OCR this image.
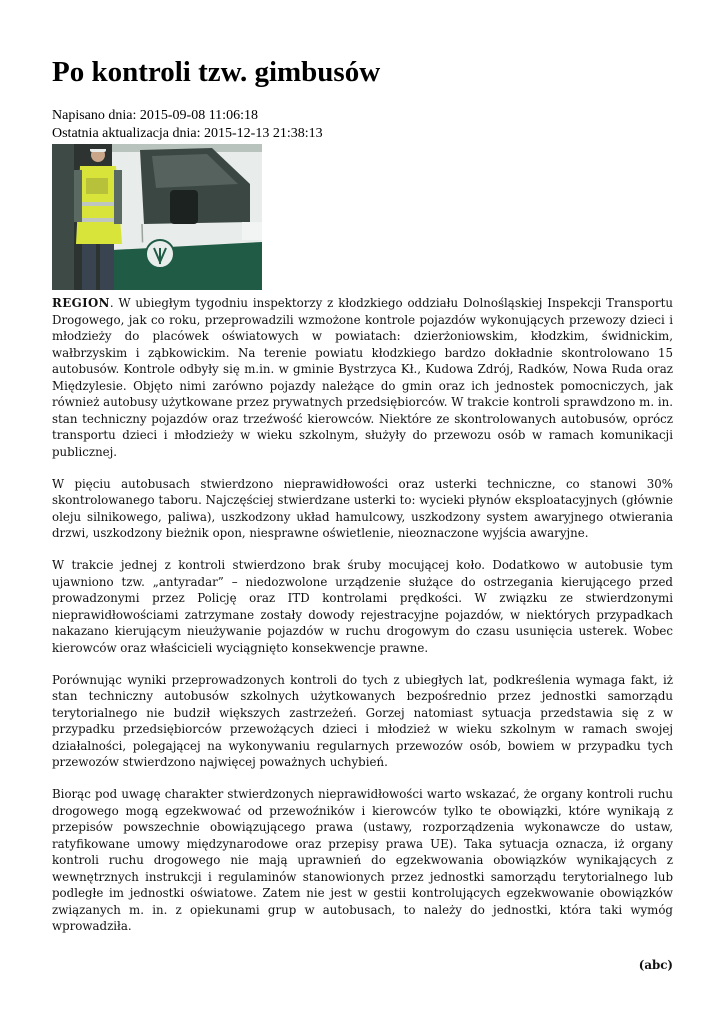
Po kontroli tzw. gimbusów
Napisano dnia: 2015-09-08 11:06:18
Ostatnia aktualizacja dnia: 2015-12-13 21:38:13

REGION. W ubiegłym tygodniu inspektorzy z kłodzkiego oddziału Dolnośląskiej Inspekcji Transportu Drogowego, jak co roku, przeprowadzili wzmożone kontrole pojazdów wykonujących przewozy dzieci i młodzieży do placówek oświatowych w powiatach: dzierżoniowskim, kłodzkim, świdnickim, wałbrzyskim i ząbkowickim. Na terenie powiatu kłodzkiego bardzo dokładnie skontrolowano 15 autobusów. Kontrole odbyły się m.in. w gminie Bystrzyca Kł., Kudowa Zdrój, Radków, Nowa Ruda oraz Międzylesie. Objęto nimi zarówno pojazdy należące do gmin oraz ich jednostek pomocniczych, jak również autobusy użytkowane przez prywatnych przedsiębiorców. W trakcie kontroli sprawdzono m. in. stan techniczny pojazdów oraz trzeźwość kierowców. Niektóre ze skontrolowanych autobusów, oprócz transportu dzieci i młodzieży w wieku szkolnym, służyły do przewozu osób w ramach komunikacji publicznej.

W pięciu autobusach stwierdzono nieprawidłowości oraz usterki techniczne, co stanowi 30% skontrolowanego taboru. Najczęściej stwierdzane usterki to: wycieki płynów eksploatacyjnych (głównie oleju silnikowego, paliwa), uszkodzony układ hamulcowy, uszkodzony system awaryjnego otwierania drzwi, uszkodzony bieżnik opon, niesprawne oświetlenie, nieoznaczone wyjścia awaryjne.

W trakcie jednej z kontroli stwierdzono brak śruby mocującej koło. Dodatkowo w autobusie tym ujawniono tzw. „antyradar” – niedozwolone urządzenie służące do ostrzegania kierującego przed prowadzonymi przez Policję oraz ITD kontrolami prędkości. W związku ze stwierdzonymi nieprawidłowościami zatrzymane zostały dowody rejestracyjne pojazdów, w niektórych przypadkach nakazano kierującym nieużywanie pojazdów w ruchu drogowym do czasu usunięcia usterek. Wobec kierowców oraz właścicieli wyciągnięto konsekwencje prawne.

Porównując wyniki przeprowadzonych kontroli do tych z ubiegłych lat, podkreślenia wymaga fakt, iż stan techniczny autobusów szkolnych użytkowanych bezpośrednio przez jednostki samorządu terytorialnego nie budził większych zastrzeżeń. Gorzej natomiast sytuacja przedstawia się z w przypadku przedsiębiorców przewożących dzieci i młodzież w wieku szkolnym w ramach swojej działalności, polegającej na wykonywaniu regularnych przewozów osób, bowiem w przypadku tych przewozów stwierdzono najwięcej poważnych uchybień.

Biorąc pod uwagę charakter stwierdzonych nieprawidłowości warto wskazać, że organy kontroli ruchu drogowego mogą egzekwować od przewoźników i kierowców tylko te obowiązki, które wynikają z przepisów powszechnie obowiązującego prawa (ustawy, rozporządzenia wykonawcze do ustaw, ratyfikowane umowy międzynarodowe oraz przepisy prawa UE). Taka sytuacja oznacza, iż organy kontroli ruchu drogowego nie mają uprawnień do egzekwowania obowiązków wynikających z wewnętrznych instrukcji i regulaminów stanowionych przez jednostki samorządu terytorialnego lub podległe im jednostki oświatowe. Zatem nie jest w gestii kontrolujących egzekwowanie obowiązków związanych m. in. z opiekunami grup w autobusach, to należy do jednostki, która taki wymóg wprowadziła.

(abc)
